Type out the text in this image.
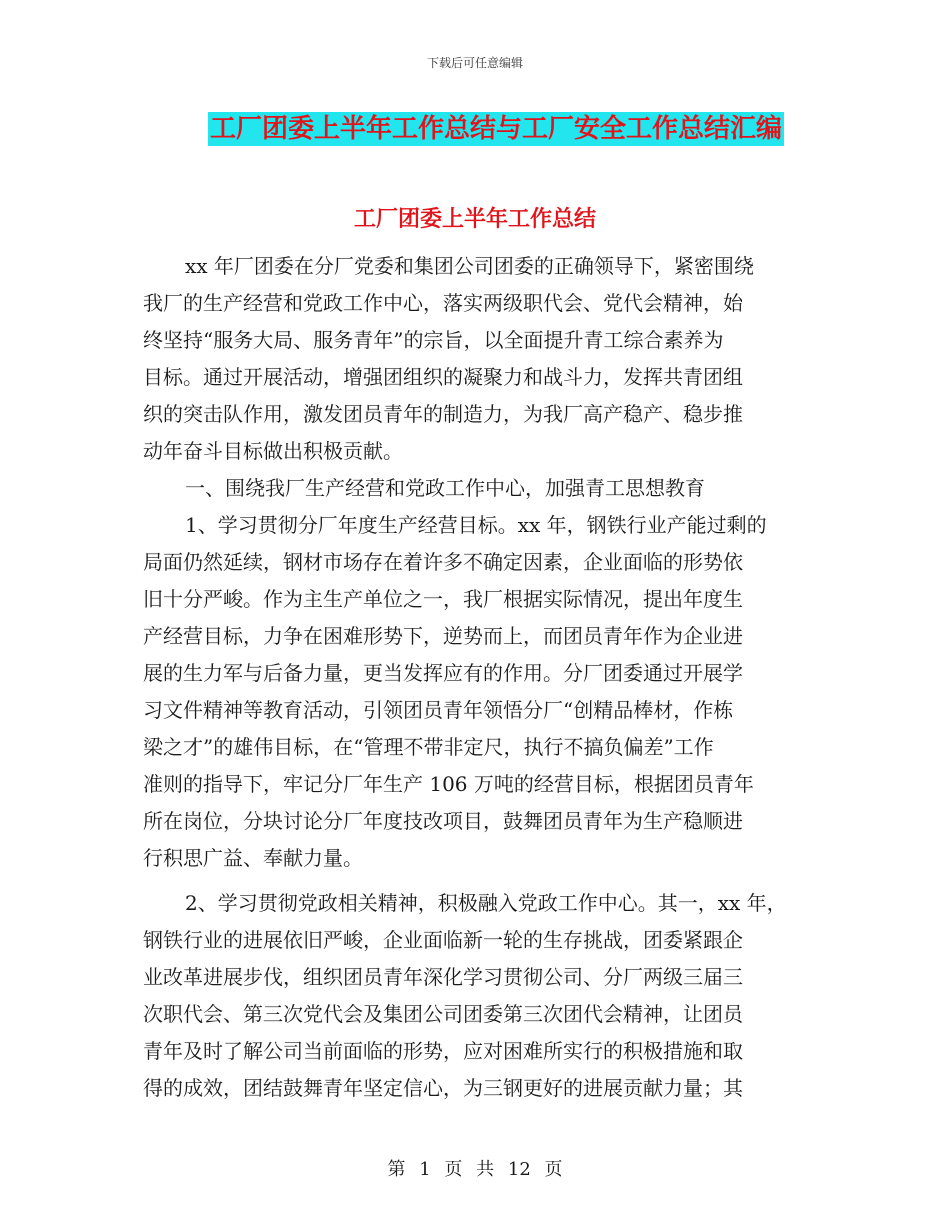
下载后可任意编辑
工厂团委上半年工作总结与工厂安全工作总结汇编
工厂团委上半年工作总结
xx 年厂团委在分厂党委和集团公司团委的正确领导下，紧密围绕
我厂的生产经营和党政工作中心，落实两级职代会、党代会精神，始
终坚持“服务大局、服务青年”的宗旨，以全面提升青工综合素养为
目标。通过开展活动，增强团组织的凝聚力和战斗力，发挥共青团组
织的突击队作用，激发团员青年的制造力，为我厂高产稳产、稳步推
动年奋斗目标做出积极贡献。
一、围绕我厂生产经营和党政工作中心，加强青工思想教育
1、学习贯彻分厂年度生产经营目标。xx 年，钢铁行业产能过剩的
局面仍然延续，钢材市场存在着许多不确定因素，企业面临的形势依
旧十分严峻。作为主生产单位之一，我厂根据实际情况，提出年度生
产经营目标，力争在困难形势下，逆势而上，而团员青年作为企业进
展的生力军与后备力量，更当发挥应有的作用。分厂团委通过开展学
习文件精神等教育活动，引领团员青年领悟分厂“创精品棒材，作栋
梁之才”的雄伟目标，在“管理不带非定尺，执行不搞负偏差”工作
准则的指导下，牢记分厂年生产 106 万吨的经营目标，根据团员青年
所在岗位，分块讨论分厂年度技改项目，鼓舞团员青年为生产稳顺进
行积思广益、奉献力量。
2、学习贯彻党政相关精神，积极融入党政工作中心。其一，xx 年，
钢铁行业的进展依旧严峻，企业面临新一轮的生存挑战，团委紧跟企
业改革进展步伐，组织团员青年深化学习贯彻公司、分厂两级三届三
次职代会、第三次党代会及集团公司团委第三次团代会精神，让团员
青年及时了解公司当前面临的形势，应对困难所实行的积极措施和取
得的成效，团结鼓舞青年坚定信心，为三钢更好的进展贡献力量；其
第 1 页 共 12 页
